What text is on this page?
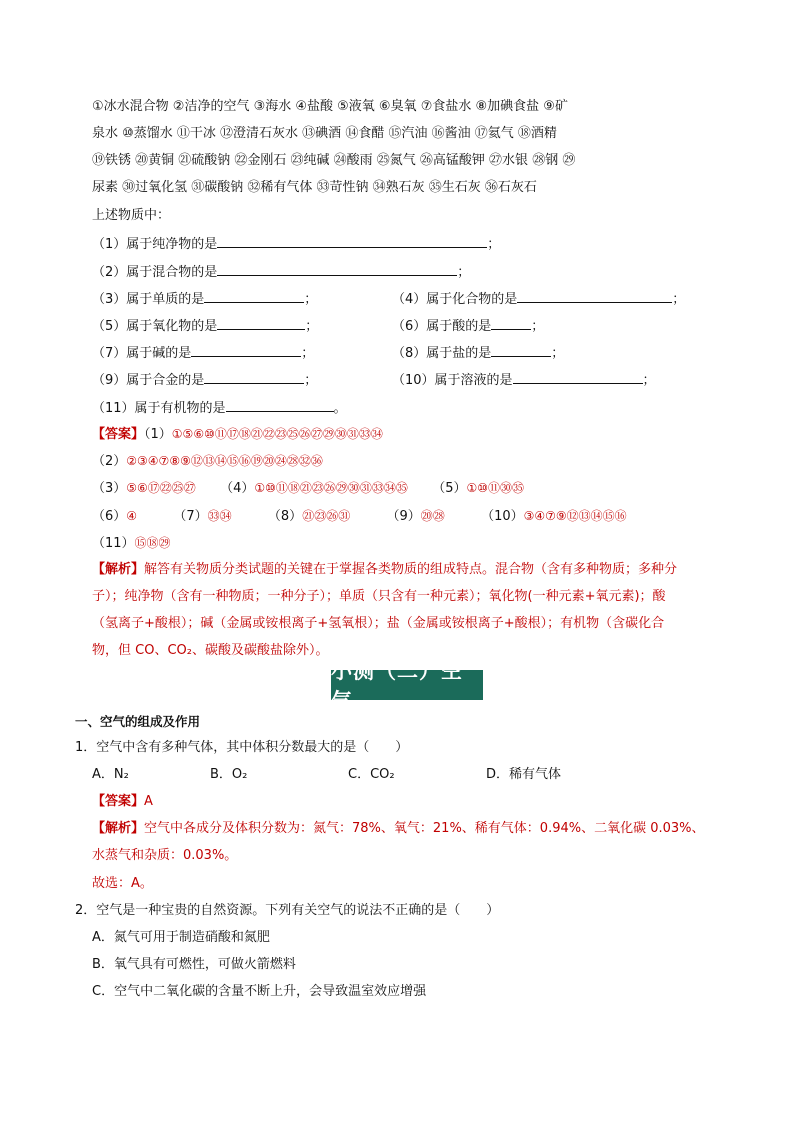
①冰水混合物 ②洁净的空气 ③海水 ④盐酸 ⑤液氧 ⑥臭氧 ⑦食盐水 ⑧加碘食盐 ⑨矿
泉水 ⑩蒸馏水 ⑪干冰 ⑫澄清石灰水 ⑬碘酒 ⑭食醋 ⑮汽油 ⑯酱油 ⑰氦气 ⑱酒精
⑲铁锈 ⑳黄铜 ㉑硫酸钠 ㉒金刚石 ㉓纯碱 ㉔酸雨 ㉕氮气 ㉖高锰酸钾 ㉗水银 ㉘钢 ㉙
尿素 ㉚过氧化氢 ㉛碳酸钠 ㉜稀有气体 ㉝苛性钠 ㉞熟石灰 ㉟生石灰 ㊱石灰石
上述物质中：
（1）属于纯净物的是	；
（2）属于混合物的是	；
（3）属于单质的是	；	（4）属于化合物的是	；
（5）属于氧化物的是	；	（6）属于酸的是	；
（7）属于碱的是	；	（8）属于盐的是	；
（9）属于合金的是	；	（10）属于溶液的是	；
（11）属于有机物的是	。
【答案】（1）①⑤⑥⑩⑪⑰⑱㉑㉒㉓㉕㉖㉗㉙㉚㉛㉝㉞
（2）②③④⑦⑧⑨⑫⑬⑭⑮⑯⑲⑳㉔㉘㉜㊱
（3）⑤⑥⑰㉒㉕㉗ （4）①⑩⑪⑱㉑㉓㉖㉙㉚㉛㉝㉞㉟ （5）①⑩⑪㉚㉟
（6）④	（7）㉝㉞	（8）㉑㉓㉖㉛	（9）⑳㉘	（10）③④⑦⑨⑫⑬⑭⑮⑯
（11）⑮⑱㉙
【解析】解答有关物质分类试题的关键在于掌握各类物质的组成特点。混合物（含有多种物质；多种分
子）；纯净物（含有一种物质；一种分子）；单质（只含有一种元素）；氧化物(一种元素+氧元素)；酸
（氢离子+酸根）；碱（金属或铵根离子+氢氧根）；盐（金属或铵根离子+酸根）；有机物（含碳化合
物，但 CO、CO₂、碳酸及碳酸盐除外）。
小测（二）空气
一、空气的组成及作用
1．空气中含有多种气体，其中体积分数最大的是（　　）
A．N₂	B．O₂	C．CO₂	D．稀有气体
【答案】A
【解析】空气中各成分及体积分数为：氮气：78%、氧气：21%、稀有气体：0.94%、二氧化碳 0.03%、
水蒸气和杂质：0.03%。
故选：A。
2．空气是一种宝贵的自然资源。下列有关空气的说法不正确的是（　　）
A．氮气可用于制造硝酸和氮肥
B．氧气具有可燃性，可做火箭燃料
C．空气中二氧化碳的含量不断上升，会导致温室效应增强
